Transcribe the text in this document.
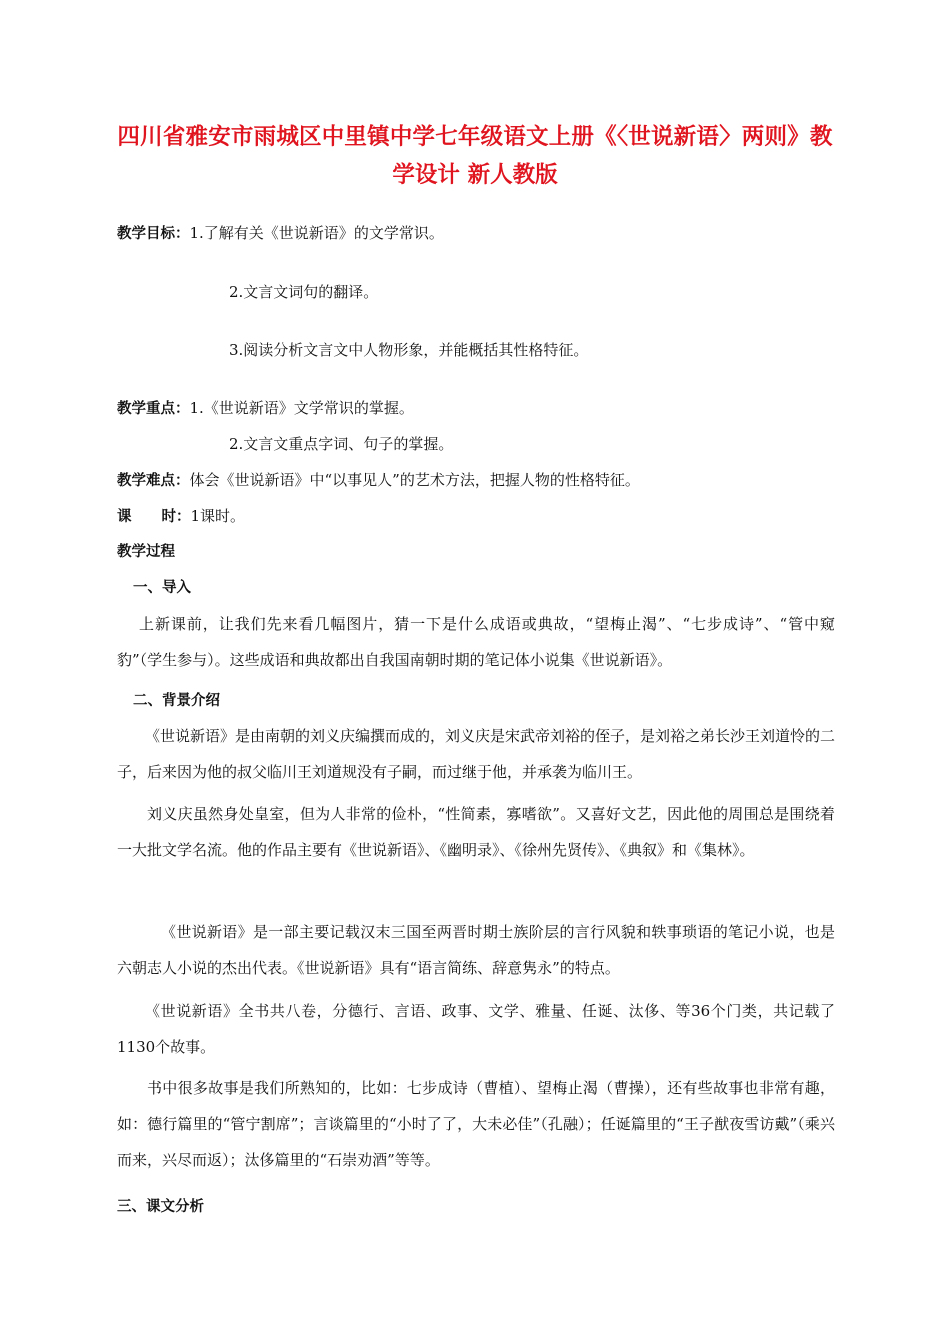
四川省雅安市雨城区中里镇中学七年级语文上册《〈世说新语〉两则》教
学设计 新人教版
教学目标：1.了解有关《世说新语》的文学常识。
2.文言文词句的翻译。
3.阅读分析文言文中人物形象，并能概括其性格特征。
教学重点：1.《世说新语》文学常识的掌握。
2.文言文重点字词、句子的掌握。
教学难点：体会《世说新语》中“以事见人”的艺术方法，把握人物的性格特征。
课 时：1课时。
教学过程
一、导入
上新课前，让我们先来看几幅图片，猜一下是什么成语或典故，“望梅止渴”、“七步成诗”、“管中窥豹”（学生参与）。这些成语和典故都出自我国南朝时期的笔记体小说集《世说新语》。
二、背景介绍
《世说新语》是由南朝的刘义庆编撰而成的，刘义庆是宋武帝刘裕的侄子，是刘裕之弟长沙王刘道怜的二子，后来因为他的叔父临川王刘道规没有子嗣，而过继于他，并承袭为临川王。
刘义庆虽然身处皇室，但为人非常的俭朴，“性简素，寡嗜欲”。又喜好文艺，因此他的周围总是围绕着一大批文学名流。他的作品主要有《世说新语》、《幽明录》、《徐州先贤传》、《典叙》和《集林》。
《世说新语》是一部主要记载汉末三国至两晋时期士族阶层的言行风貌和轶事琐语的笔记小说，也是六朝志人小说的杰出代表。《世说新语》具有“语言简练、辞意隽永”的特点。
《世说新语》全书共八卷，分德行、言语、政事、文学、雅量、任诞、汰侈、等36个门类，共记载了1130个故事。
书中很多故事是我们所熟知的，比如：七步成诗（曹植）、望梅止渴（曹操），还有些故事也非常有趣，如：德行篇里的“管宁割席”；言谈篇里的“小时了了，大未必佳”（孔融）；任诞篇里的“王子猷夜雪访戴”（乘兴而来，兴尽而返）；汰侈篇里的“石崇劝酒”等等。
三、课文分析
